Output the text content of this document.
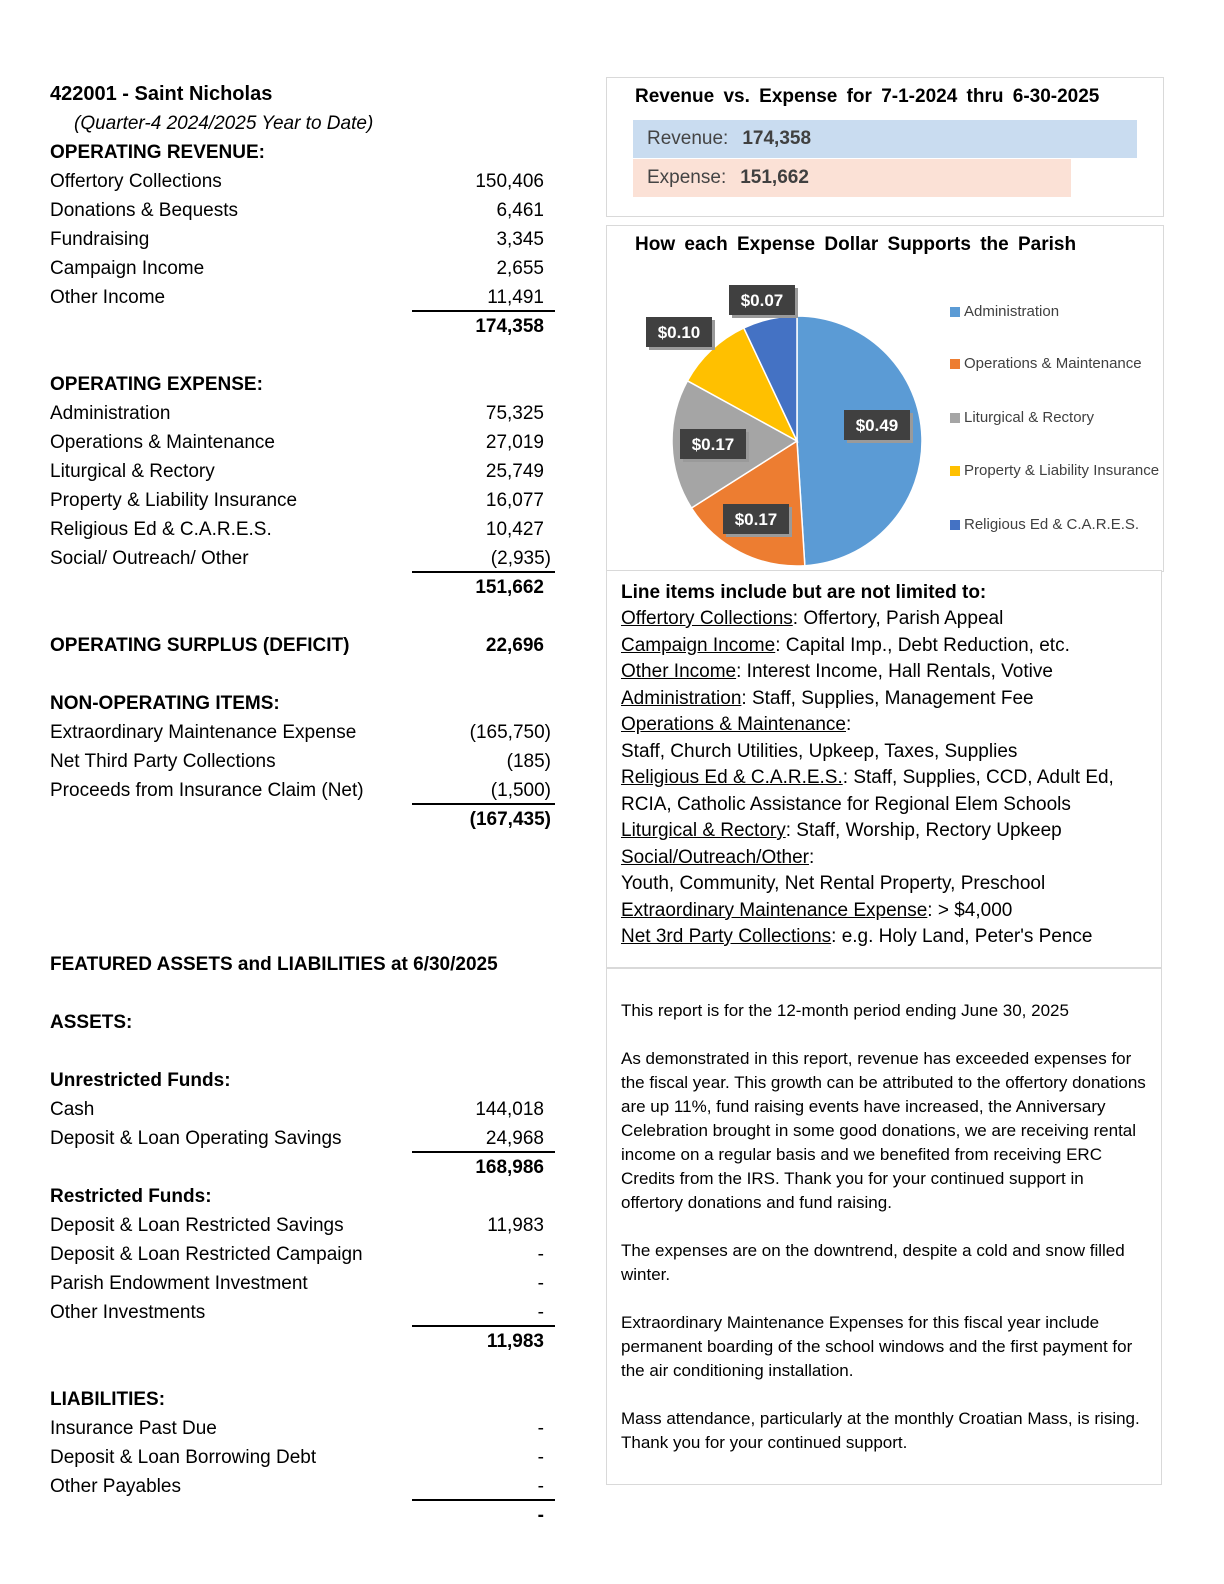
422001 - Saint Nicholas
(Quarter-4 2024/2025 Year to Date)
OPERATING REVENUE:
Offertory Collections	150,406
Donations & Bequests	6,461
Fundraising	3,345
Campaign Income	2,655
Other Income	11,491
174,358
OPERATING EXPENSE:
Administration	75,325
Operations & Maintenance	27,019
Liturgical & Rectory	25,749
Property & Liability Insurance	16,077
Religious Ed & C.A.R.E.S.	10,427
Social/ Outreach/ Other	(2,935)
151,662
OPERATING SURPLUS (DEFICIT)	22,696
NON-OPERATING ITEMS:
Extraordinary Maintenance Expense	(165,750)
Net Third Party Collections	(185)
Proceeds from Insurance Claim (Net)	(1,500)
(167,435)
FEATURED ASSETS and LIABILITIES at 6/30/2025
ASSETS:
Unrestricted Funds:
Cash	144,018
Deposit & Loan Operating Savings	24,968
168,986
Restricted Funds:
Deposit & Loan Restricted Savings	11,983
Deposit & Loan Restricted Campaign	-
Parish Endowment Investment	-
Other Investments	-
11,983
LIABILITIES:
Insurance Past Due	-
Deposit & Loan Borrowing Debt	-
Other Payables	-
-
Revenue vs. Expense for 7-1-2024 thru 6-30-2025
Revenue: 174,358
Expense: 151,662
How each Expense Dollar Supports the Parish
$0.49
$0.17
$0.17
$0.10
$0.07
Administration
Operations & Maintenance
Liturgical & Rectory
Property & Liability Insurance
Religious Ed & C.A.R.E.S.
Line items include but are not limited to:
Offertory Collections: Offertory, Parish Appeal
Campaign Income: Capital Imp., Debt Reduction, etc.
Other Income: Interest Income, Hall Rentals, Votive
Administration: Staff, Supplies, Management Fee
Operations & Maintenance:
Staff, Church Utilities, Upkeep, Taxes, Supplies
Religious Ed & C.A.R.E.S.: Staff, Supplies, CCD, Adult Ed,
RCIA, Catholic Assistance for Regional Elem Schools
Liturgical & Rectory: Staff, Worship, Rectory Upkeep
Social/Outreach/Other:
Youth, Community, Net Rental Property, Preschool
Extraordinary Maintenance Expense: > $4,000
Net 3rd Party Collections: e.g. Holy Land, Peter's Pence

This report is for the 12-month period ending June 30, 2025

As demonstrated in this report, revenue has exceeded expenses for the fiscal year. This growth can be attributed to the offertory donations are up 11%, fund raising events have increased, the Anniversary Celebration brought in some good donations, we are receiving rental income on a regular basis and we benefited from receiving ERC Credits from the IRS. Thank you for your continued support in offertory donations and fund raising.

The expenses are on the downtrend, despite a cold and snow filled winter.

Extraordinary Maintenance Expenses for this fiscal year include permanent boarding of the school windows and the first payment for the air conditioning installation.

Mass attendance, particularly at the monthly Croatian Mass, is rising. Thank you for your continued support.
